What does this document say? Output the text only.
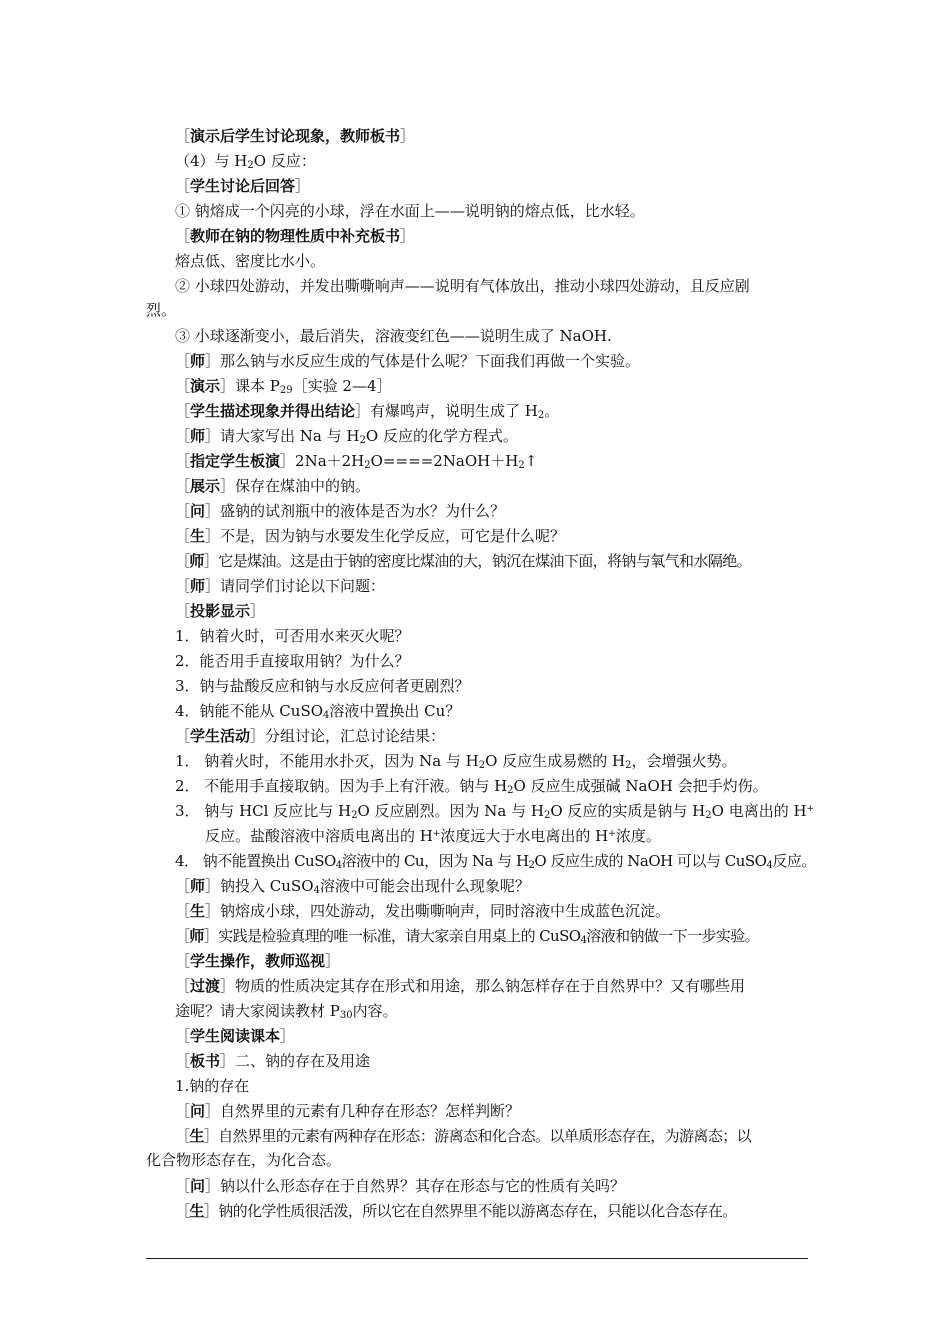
［演示后学生讨论现象，教师板书］
（4）与 $H_2O$ 反应：
［学生讨论后回答］
① 钠熔成一个闪亮的小球，浮在水面上——说明钠的熔点低，比水轻。
［教师在钠的物理性质中补充板书］
熔点低、密度比水小。
② 小球四处游动，并发出嘶嘶响声——说明有气体放出，推动小球四处游动，且反应剧
烈。
③ 小球逐渐变小，最后消失，溶液变红色——说明生成了 NaOH.
［师］那么钠与水反应生成的气体是什么呢？下面我们再做一个实验。
［演示］课本 $P_{29}[$实验 2—4］
［学生描述现象并得出结论］有爆鸣声，说明生成了 $H_2$。
［师］请大家写出 Na 与 $H_2O$ 反应的化学方程式。
［指定学生板演$]2Na+2H_2O====2NaOH+H_2↑$
［展示］保存在煤油中的钠。
［问］盛钠的试剂瓶中的液体是否为水？为什么？
［生］不是，因为钠与水要发生化学反应，可它是什么呢？
［师］它是煤油。这是由于钠的密度比煤油的大，钠沉在煤油下面，将钠与氧气和水隔绝。
［师］请同学们讨论以下问题：
［投影显示］
1．钠着火时，可否用水来灭火呢？
2．能否用手直接取用钠？为什么？
3．钠与盐酸反应和钠与水反应何者更剧烈？
4．钠能不能从 CuSO$_4$溶液中置换出 Cu？
［学生活动］分组讨论，汇总讨论结果：
1． 钠着火时，不能用水扑灭，因为 Na 与 $H_2O$ 反应生成易燃的 $H_2$，会增强火势。
2． 不能用手直接取钠。因为手上有汗液。钠与 $H_2O$ 反应生成强碱 NaOH 会把手灼伤。
3． 钠与 HCl 反应比与 $H_2O$ 反应剧烈。因为 Na 与 $H_2O$ 反应的实质是钠与 $H_2O$ 电离出的 H+
反应。盐酸溶液中溶质电离出的 H+浓度远大于水电离出的 H+浓度。
4． 钠不能置换出 CuSO$_4$溶液中的 Cu，因为 Na 与 $H_2O$ 反应生成的 NaOH 可以与 CuSO$_4$反应。
［师］钠投入 CuSO$_4$溶液中可能会出现什么现象呢？
［生］钠熔成小球，四处游动，发出嘶嘶响声，同时溶液中生成蓝色沉淀。
［师］实践是检验真理的唯一标准，请大家亲自用桌上的 CuSO$_4$溶液和钠做一下一步实验。
［学生操作，教师巡视］
［过渡］物质的性质决定其存在形式和用途，那么钠怎样存在于自然界中？又有哪些用
途呢？请大家阅读教材 $P_{30}$内容。
［学生阅读课本］
［板书］二、钠的存在及用途
1.钠的存在
［问］自然界里的元素有几种存在形态？怎样判断？
［生］自然界里的元素有两种存在形态：游离态和化合态。以单质形态存在，为游离态；以
化合物形态存在，为化合态。
［问］钠以什么形态存在于自然界？其存在形态与它的性质有关吗？
［生］钠的化学性质很活泼，所以它在自然界里不能以游离态存在，只能以化合态存在。
